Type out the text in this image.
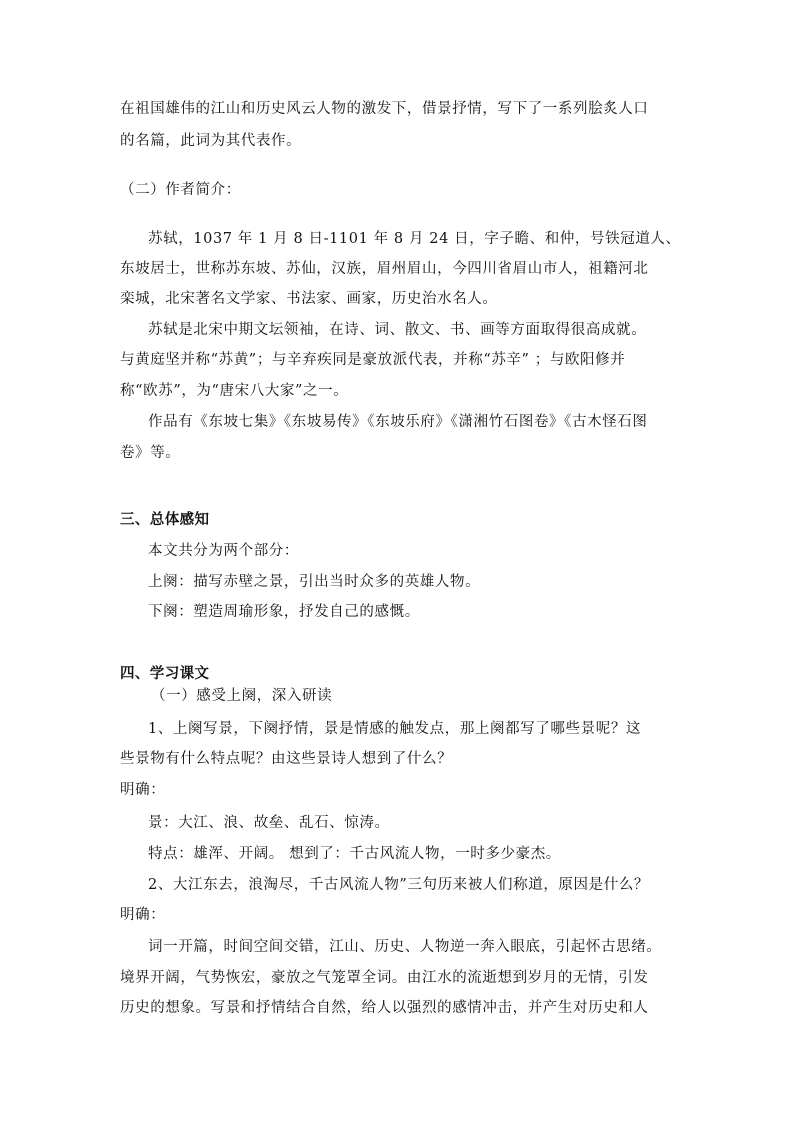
在祖国雄伟的江山和历史风云人物的激发下，借景抒情，写下了一系列脍炙人口
的名篇，此词为其代表作。
（二）作者简介：
苏轼，1037 年 1 月 8 日-1101 年 8 月 24 日，字子瞻、和仲，号铁冠道人、
东坡居士，世称苏东坡、苏仙，汉族，眉州眉山，今四川省眉山市人，祖籍河北
栾城，北宋著名文学家、书法家、画家，历史治水名人。
苏轼是北宋中期文坛领袖，在诗、词、散文、书、画等方面取得很高成就。
与黄庭坚并称“苏黄”；与辛弃疾同是豪放派代表，并称“苏辛” ；与欧阳修并
称“欧苏”，为“唐宋八大家”之一。
作品有《东坡七集》《东坡易传》《东坡乐府》《潇湘竹石图卷》《古木怪石图
卷》等。
三、总体感知
本文共分为两个部分：
上阕：描写赤壁之景，引出当时众多的英雄人物。
下阕：塑造周瑜形象，抒发自己的感慨。
四、学习课文
（一）感受上阕，深入研读
1、上阕写景，下阕抒情，景是情感的触发点，那上阕都写了哪些景呢？这
些景物有什么特点呢？由这些景诗人想到了什么？
明确：
景：大江、浪、故垒、乱石、惊涛。
特点：雄浑、开阔。 想到了：千古风流人物，一时多少豪杰。
2、大江东去，浪淘尽，千古风流人物”三句历来被人们称道，原因是什么？
明确：
词一开篇，时间空间交错，江山、历史、人物逆一奔入眼底，引起怀古思绪。
境界开阔，气势恢宏，豪放之气笼罩全词。由江水的流逝想到岁月的无情，引发
历史的想象。写景和抒情结合自然，给人以强烈的感情冲击，并产生对历史和人
